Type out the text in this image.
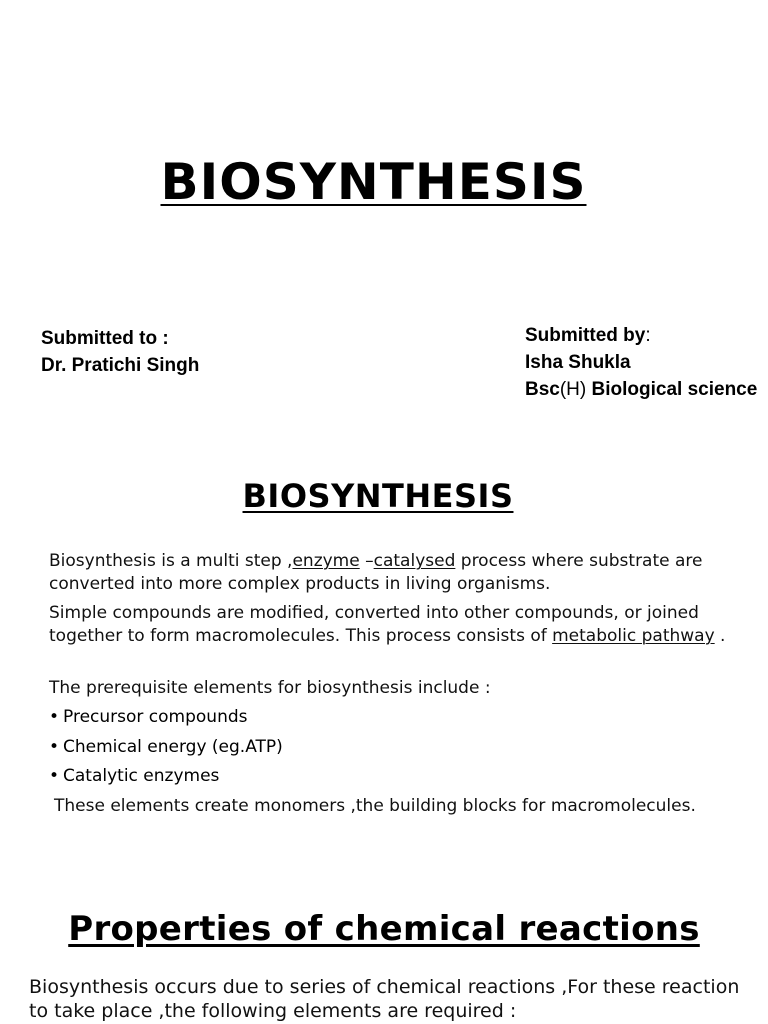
BIOSYNTHESIS
Submitted to :
Dr. Pratichi Singh
Submitted by:
Isha Shukla
Bsc(H) Biological science
BIOSYNTHESIS
Biosynthesis is a multi step ,enzyme –catalysed process where substrate are converted into more complex products in living organisms.
Simple compounds are modified, converted into other compounds, or joined together to form macromolecules. This process consists of metabolic pathway .
The prerequisite elements for biosynthesis include :
• Precursor compounds
• Chemical energy (eg.ATP)
• Catalytic enzymes
These elements create monomers ,the building blocks for macromolecules.
Properties of chemical reactions
Biosynthesis occurs due to series of chemical reactions ,For these reaction to take place ,the following elements are required :
